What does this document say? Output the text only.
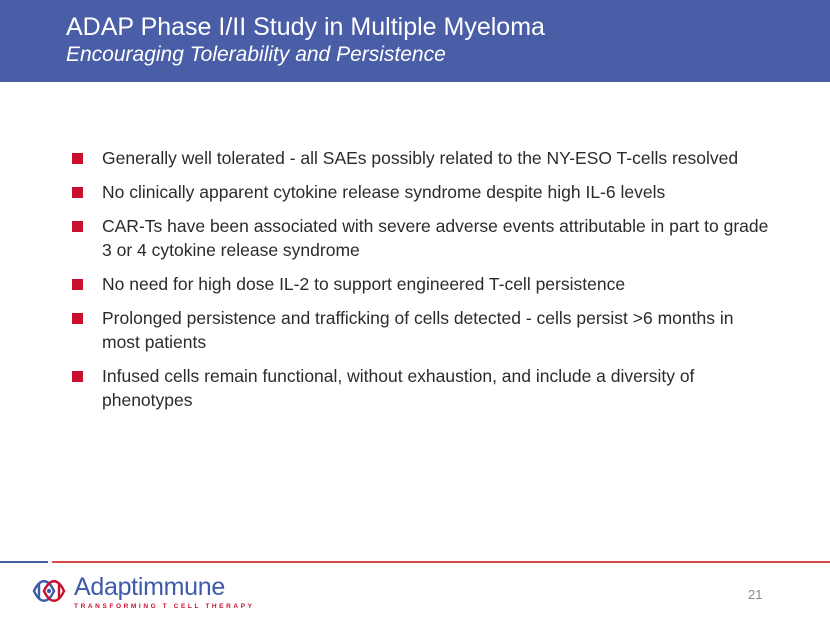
ADAP Phase I/II Study in Multiple Myeloma
Encouraging Tolerability and Persistence
Generally well tolerated - all SAEs possibly related to the NY-ESO T-cells resolved
No clinically apparent cytokine release syndrome despite high IL-6 levels
CAR-Ts have been associated with severe adverse events attributable in part to grade 3 or 4 cytokine release syndrome
No need for high dose IL-2 to support engineered T-cell persistence
Prolonged persistence and trafficking of cells detected - cells persist >6 months in most patients
Infused cells remain functional, without exhaustion, and include a diversity of phenotypes
Adaptimmune
TRANSFORMING T CELL THERAPY
21
